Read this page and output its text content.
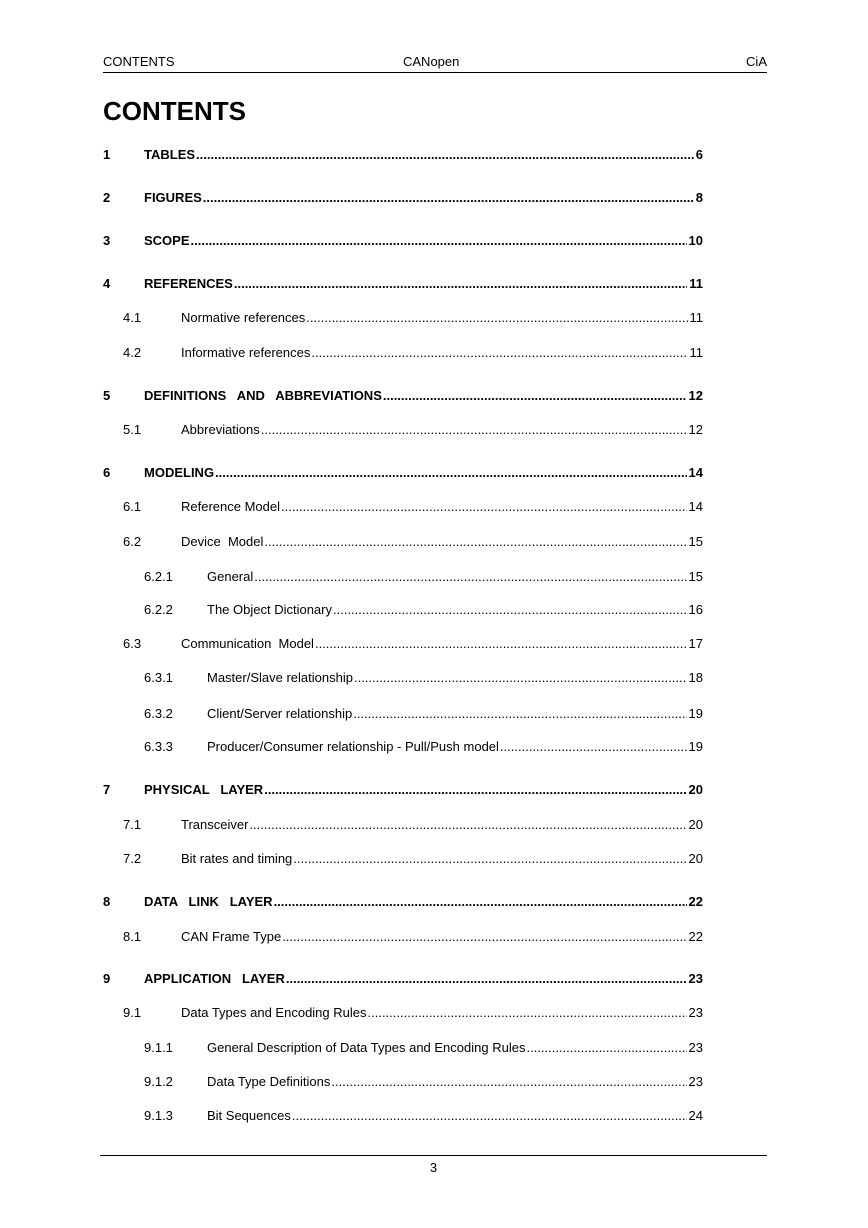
CONTENTS	CANopen	CiA
CONTENTS
1	TABLES .....	6
2	FIGURES .....	8
3	SCOPE .....	10
4	REFERENCES .....	11
4.1	Normative references .....	11
4.2	Informative references .....	11
5	DEFINITIONS   AND   ABBREVIATIONS .....	12
5.1	Abbreviations .....	12
6	MODELING .....	14
6.1	Reference Model .....	14
6.2	Device  Model .....	15
6.2.1	General .....	15
6.2.2	The Object Dictionary .....	16
6.3	Communication  Model .....	17
6.3.1	Master/Slave relationship .....	18
6.3.2	Client/Server relationship .....	19
6.3.3	Producer/Consumer relationship - Pull/Push model .....	19
7	PHYSICAL   LAYER .....	20
7.1	Transceiver .....	20
7.2	Bit rates and timing .....	20
8	DATA   LINK   LAYER .....	22
8.1	CAN Frame Type .....	22
9	APPLICATION   LAYER .....	23
9.1	Data Types and Encoding Rules .....	23
9.1.1	General Description of Data Types and Encoding Rules .....	23
9.1.2	Data Type Definitions .....	23
9.1.3	Bit Sequences .....	24
3
